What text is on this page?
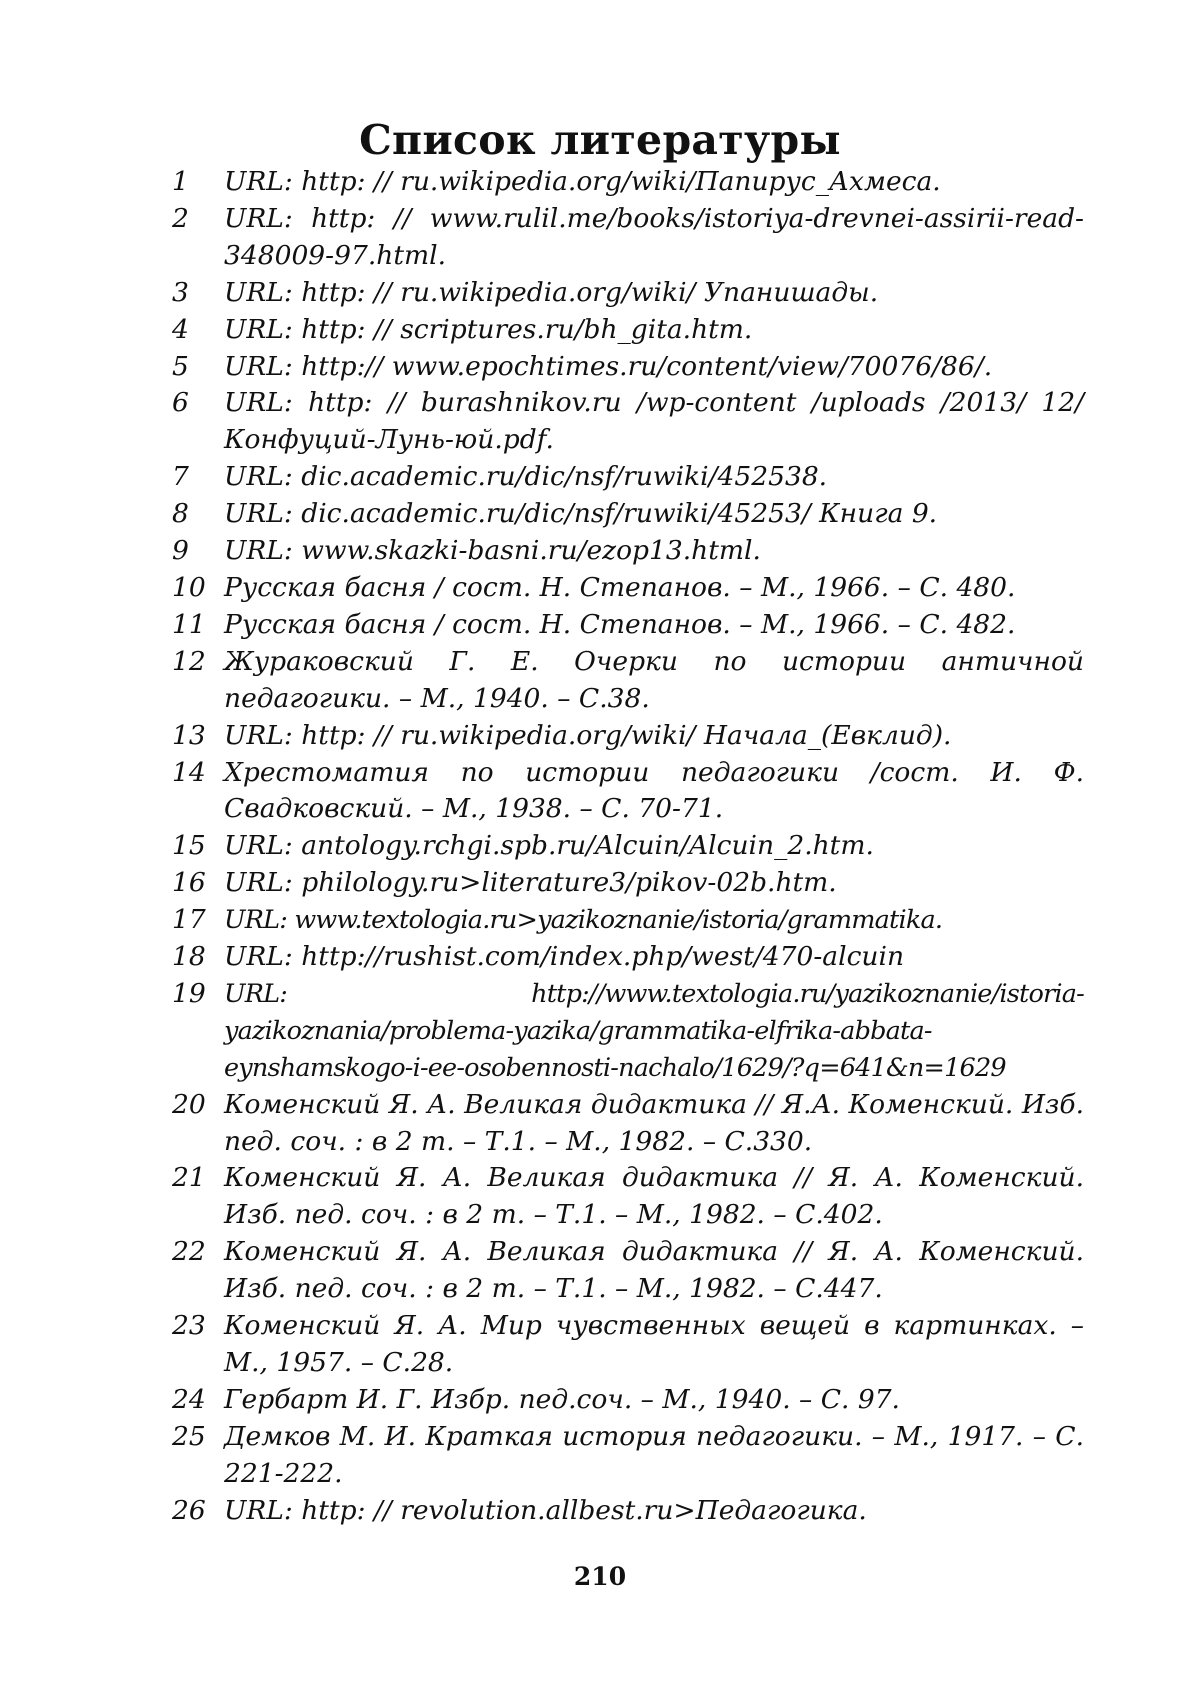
Список литературы
1	URL: http: // ru.wikipedia.org/wiki/Папирус_Ахмеса.
2	URL: http: // www.rulil.me/books/istoriya-drevnei-assirii-read-348009-97.html.
3	URL: http: // ru.wikipedia.org/wiki/ Упанишады.
4	URL: http: // scriptures.ru/bh_gita.htm.
5	URL: http:// www.epochtimes.ru/content/view/70076/86/.
6	URL: http: // burashnikov.ru /wp-content /uploads /2013/ 12/ Конфуций-Лунь-юй.pdf.
7	URL: dic.academic.ru/dic/nsf/ruwiki/452538.
8	URL: dic.academic.ru/dic/nsf/ruwiki/45253/ Книга 9.
9	URL: www.skazki-basni.ru/ezop13.html.
10 Русская басня / сост. Н. Степанов. – М., 1966. – С. 480.
11 Русская басня / сост. Н. Степанов. – М., 1966. – С. 482.
12 Жураковский Г. Е. Очерки по истории античной педагогики. – М., 1940. – С.38.
13 URL: http: // ru.wikipedia.org/wiki/ Начала_(Евклид).
14 Хрестоматия по истории педагогики /сост. И. Ф. Свадковский. – М., 1938. – С. 70-71.
15 URL: antology.rchgi.spb.ru/Alcuin/Alcuin_2.htm.
16 URL: philology.ru>literature3/pikov-02b.htm.
17 URL: www.textologia.ru>yazikoznanie/istoria/grammatika.
18 URL: http://rushist.com/index.php/west/470-alcuin
19 URL: http://www.textologia.ru/yazikoznanie/istoria-yazikoznania/problema-yazika/grammatika-elfrika-abbata-eynshamskogo-i-ee-osobennosti-nachalo/1629/?q=641&n=1629
20 Коменский Я. А. Великая дидактика // Я.А. Коменский. Изб. пед. соч. : в 2 т. – Т.1. – М., 1982. – С.330.
21 Коменский Я. А. Великая дидактика // Я. А. Коменский. Изб. пед. соч. : в 2 т. – Т.1. – М., 1982. – С.402.
22 Коменский Я. А. Великая дидактика // Я. А. Коменский. Изб. пед. соч. : в 2 т. – Т.1. – М., 1982. – С.447.
23 Коменский Я. А. Мир чувственных вещей в картинках. – М., 1957. – С.28.
24 Гербарт И. Г. Избр. пед.соч. – М., 1940. – С. 97.
25 Демков М. И. Краткая история педагогики. – М., 1917. – С. 221-222.
26 URL: http: // revolution.allbest.ru>Педагогика.
210
